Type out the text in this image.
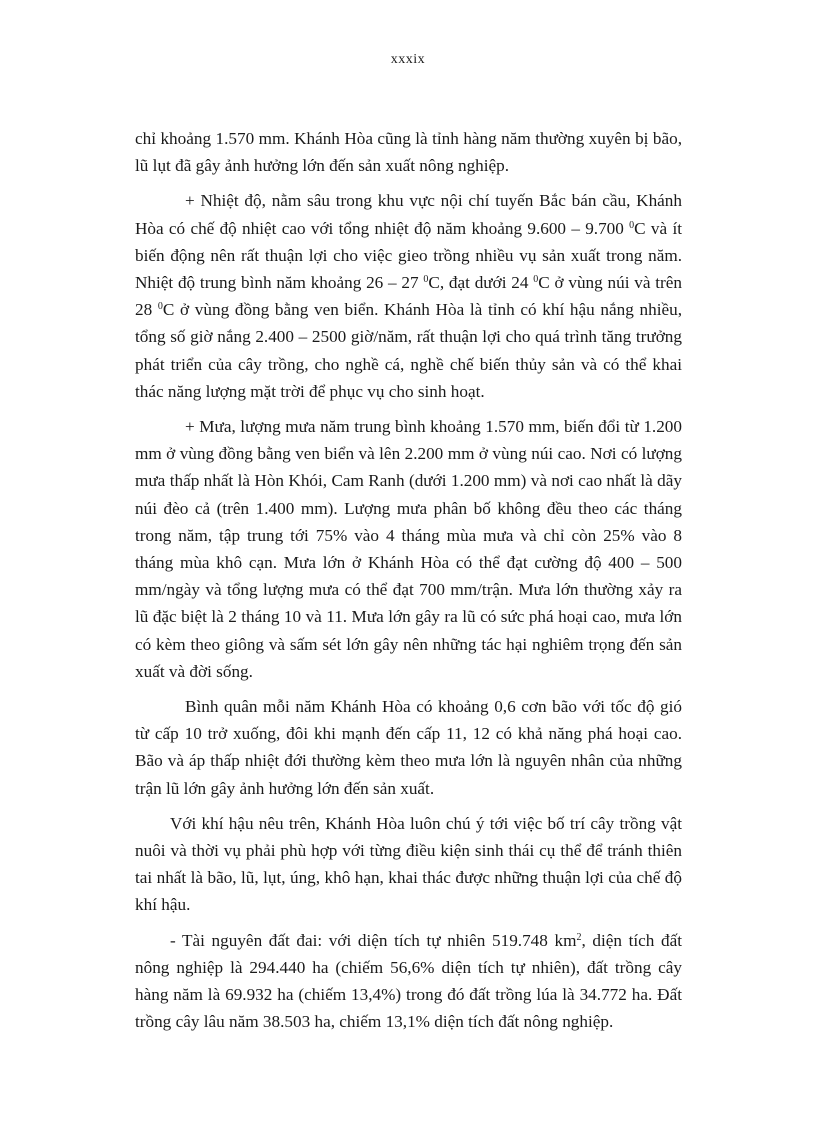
xxxix

chỉ khoảng 1.570 mm. Khánh Hòa cũng là tỉnh hàng năm thường xuyên bị bão, lũ lụt đã gây ảnh hưởng lớn đến sản xuất nông nghiệp.

+ Nhiệt độ, nằm sâu trong khu vực nội chí tuyến Bắc bán cầu, Khánh Hòa có chế độ nhiệt cao với tổng nhiệt độ năm khoảng 9.600 – 9.700 $^0$C và ít biến động nên rất thuận lợi cho việc gieo trồng nhiều vụ sản xuất trong năm. Nhiệt độ trung bình năm khoảng 26 – 27 $^0$C, đạt dưới 24 $^0$C ở vùng núi và trên 28 $^0$C ở vùng đồng bằng ven biển. Khánh Hòa là tỉnh có khí hậu nắng nhiều, tổng số giờ nắng 2.400 – 2500 giờ/năm, rất thuận lợi cho quá trình tăng trưởng phát triển của cây trồng, cho nghề cá, nghề chế biến thủy sản và có thể khai thác năng lượng mặt trời để phục vụ cho sinh hoạt.

+ Mưa, lượng mưa năm trung bình khoảng 1.570 mm, biến đổi từ 1.200 mm ở vùng đồng bằng ven biển và lên 2.200 mm ở vùng núi cao. Nơi có lượng mưa thấp nhất là Hòn Khói, Cam Ranh (dưới 1.200 mm) và nơi cao nhất là dãy núi đèo cả (trên 1.400 mm). Lượng mưa phân bố không đều theo các tháng trong năm, tập trung tới 75% vào 4 tháng mùa mưa và chỉ còn 25% vào 8 tháng mùa khô cạn. Mưa lớn ở Khánh Hòa có thể đạt cường độ 400 – 500 mm/ngày và tổng lượng mưa có thể đạt 700 mm/trận. Mưa lớn thường xảy ra lũ đặc biệt là 2 tháng 10 và 11. Mưa lớn gây ra lũ có sức phá hoại cao, mưa lớn có kèm theo giông và sấm sét lớn gây nên những tác hại nghiêm trọng đến sản xuất và đời sống.

Bình quân mỗi năm Khánh Hòa có khoảng 0,6 cơn bão với tốc độ gió từ cấp 10 trở xuống, đôi khi mạnh đến cấp 11, 12 có khả năng phá hoại cao. Bão và áp thấp nhiệt đới thường kèm theo mưa lớn là nguyên nhân của những trận lũ lớn gây ảnh hưởng lớn đến sản xuất.

Với khí hậu nêu trên, Khánh Hòa luôn chú ý tới việc bố trí cây trồng vật nuôi và thời vụ phải phù hợp với từng điều kiện sinh thái cụ thể để tránh thiên tai nhất là bão, lũ, lụt, úng, khô hạn, khai thác được những thuận lợi của chế độ khí hậu.

- Tài nguyên đất đai: với diện tích tự nhiên 519.748 $km^2$, diện tích đất nông nghiệp là 294.440 ha (chiếm 56,6% diện tích tự nhiên), đất trồng cây hàng năm là 69.932 ha (chiếm 13,4%) trong đó đất trồng lúa là 34.772 ha. Đất trồng cây lâu năm 38.503 ha, chiếm 13,1% diện tích đất nông nghiệp.
